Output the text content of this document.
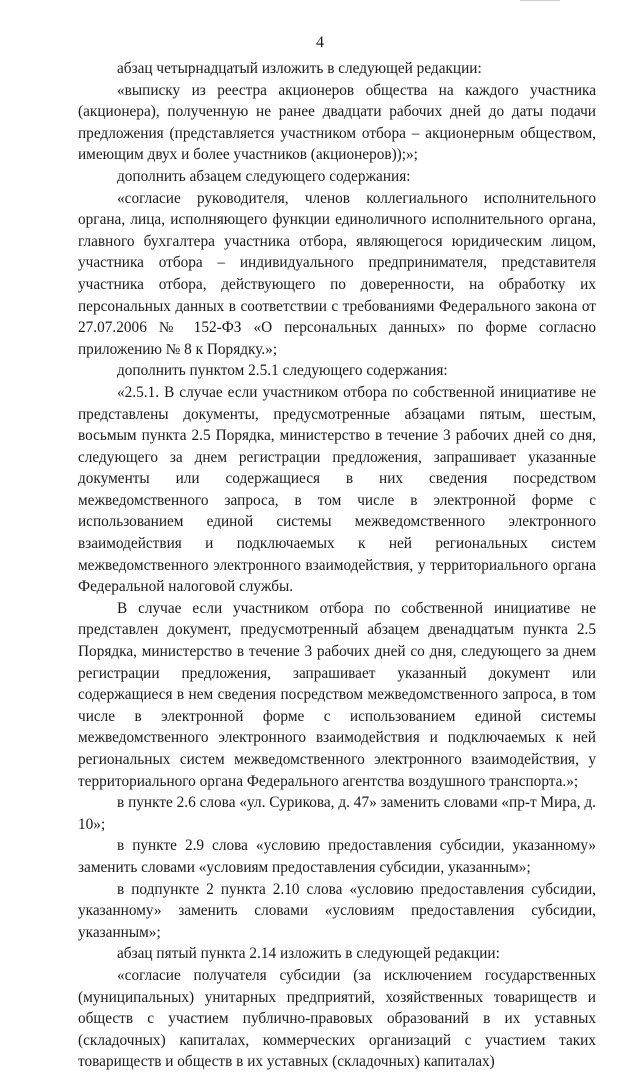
4

абзац четырнадцатый изложить в следующей редакции:

«выписку из реестра акционеров общества на каждого участника (акционера), полученную не ранее двадцати рабочих дней до даты подачи предложения (представляется участником отбора – акционерным обществом, имеющим двух и более участников (акционеров));»;

дополнить абзацем следующего содержания:

«согласие руководителя, членов коллегиального исполнительного органа, лица, исполняющего функции единоличного исполнительного органа, главного бухгалтера участника отбора, являющегося юридическим лицом, участника отбора – индивидуального предпринимателя, представителя участника отбора, действующего по доверенности, на обработку их персональных данных в соответствии с требованиями Федерального закона от 27.07.2006 № 152-ФЗ «О персональных данных» по форме согласно приложению № 8 к Порядку.»;

дополнить пунктом 2.5.1 следующего содержания:

«2.5.1. В случае если участником отбора по собственной инициативе не представлены документы, предусмотренные абзацами пятым, шестым, восьмым пункта 2.5 Порядка, министерство в течение 3 рабочих дней со дня, следующего за днем регистрации предложения, запрашивает указанные документы или содержащиеся в них сведения посредством межведомственного запроса, в том числе в электронной форме с использованием единой системы межведомственного электронного взаимодействия и подключаемых к ней региональных систем межведомственного электронного взаимодействия, у территориального органа Федеральной налоговой службы.

В случае если участником отбора по собственной инициативе не представлен документ, предусмотренный абзацем двенадцатым пункта 2.5 Порядка, министерство в течение 3 рабочих дней со дня, следующего за днем регистрации предложения, запрашивает указанный документ или содержащиеся в нем сведения посредством межведомственного запроса, в том числе в электронной форме с использованием единой системы межведомственного электронного взаимодействия и подключаемых к ней региональных систем межведомственного электронного взаимодействия, у территориального органа Федерального агентства воздушного транспорта.»;

в пункте 2.6 слова «ул. Сурикова, д. 47» заменить словами «пр-т Мира, д. 10»;

в пункте 2.9 слова «условию предоставления субсидии, указанному» заменить словами «условиям предоставления субсидии, указанным»;

в подпункте 2 пункта 2.10 слова «условию предоставления субсидии, указанному» заменить словами «условиям предоставления субсидии, указанным»;

абзац пятый пункта 2.14 изложить в следующей редакции:

«согласие получателя субсидии (за исключением государственных (муниципальных) унитарных предприятий, хозяйственных товариществ и обществ с участием публично-правовых образований в их уставных (складочных) капиталах, коммерческих организаций с участием таких товариществ и обществ в их уставных (складочных) капиталах)
